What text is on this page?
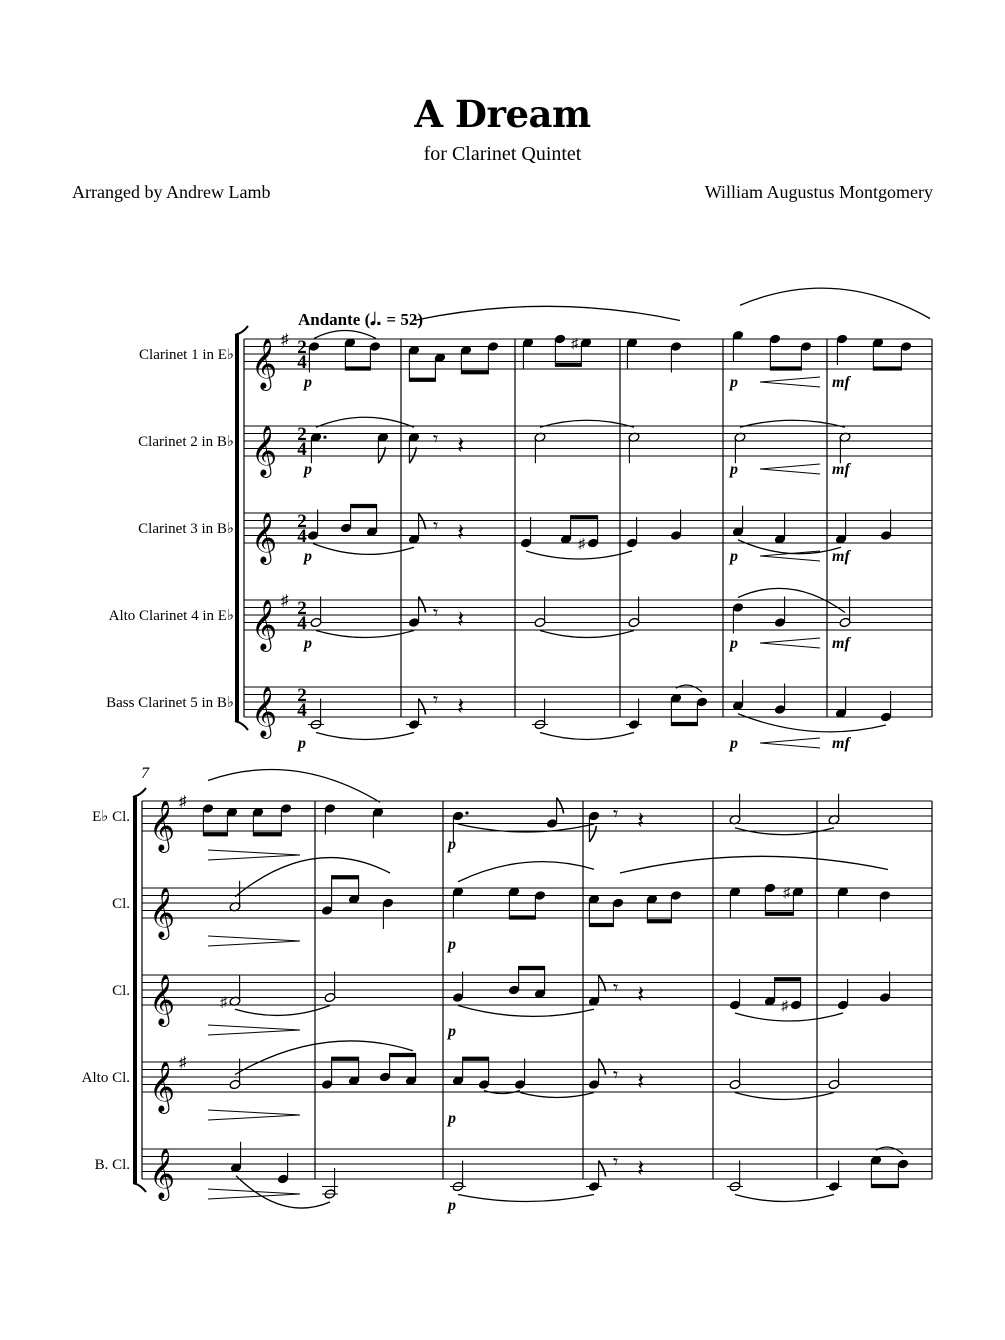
A Dream
for Clarinet Quintet
Arranged by Andrew Lamb	William Augustus Montgomery
Clarinet 1 in E♭ 𝄞 ♯ 2
4
Clarinet 2 in B♭ 𝄞 2
4
Clarinet 3 in B♭ 𝄞 2
4
Alto Clarinet 4 in E♭ 𝄞 ♯ 2
4
Bass Clarinet 5 in B♭ 𝄞 2
4
Andante (𝅗𝅥. = 52)
♯
p	p	mf
𝄾 𝄽
p	p	mf
𝄾 𝄽	♯
p	p	mf
𝄾 𝄽
p	p	mf
𝄾 𝄽
p	p	mf
7
E♭ Cl. 𝄞 ♯
Cl. 𝄞
Cl. 𝄞
Alto Cl. 𝄞 ♯
B. Cl. 𝄞
𝄾 𝄽
p
♯
p
♯
𝄾 𝄽	♯
p
𝄾 𝄽
p
𝄾 𝄽
p
